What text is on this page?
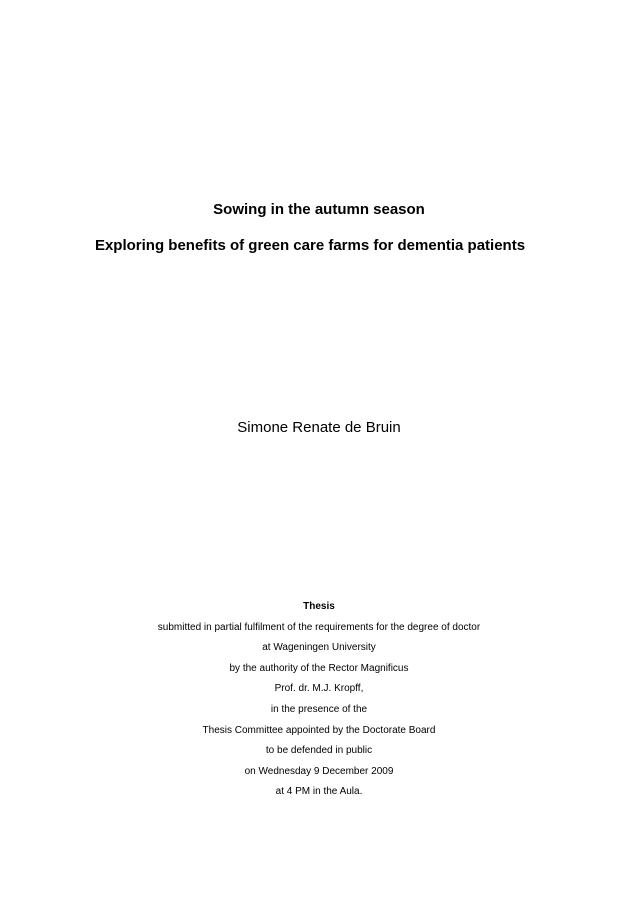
Sowing in the autumn season
Exploring benefits of green care farms for dementia patients
Simone Renate de Bruin
Thesis
submitted in partial fulfilment of the requirements for the degree of doctor
at Wageningen University
by the authority of the Rector Magnificus
Prof. dr. M.J. Kropff,
in the presence of the
Thesis Committee appointed by the Doctorate Board
to be defended in public
on Wednesday 9 December 2009
at 4 PM in the Aula.
